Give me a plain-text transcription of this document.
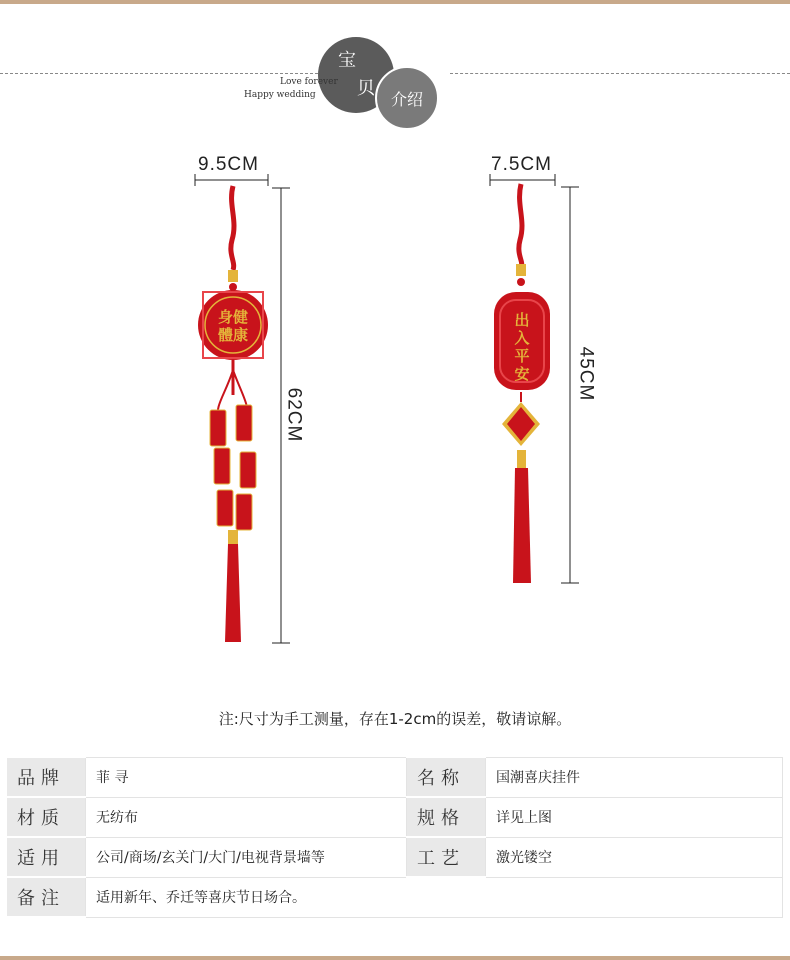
宝
贝 介绍
Love forever
Happy wedding
身健
體康
出
入
平
安
9.5CM
62CM
7.5CM
45CM
注:尺寸为手工测量，存在1-2cm的误差，敬请谅解。
品牌	菲 寻	名称	国潮喜庆挂件
材质	无纺布	规格	详见上图
适用	公司/商场/玄关门/大门/电视背景墙等	工艺	激光镂空
备注	适用新年、乔迁等喜庆节日场合。		
